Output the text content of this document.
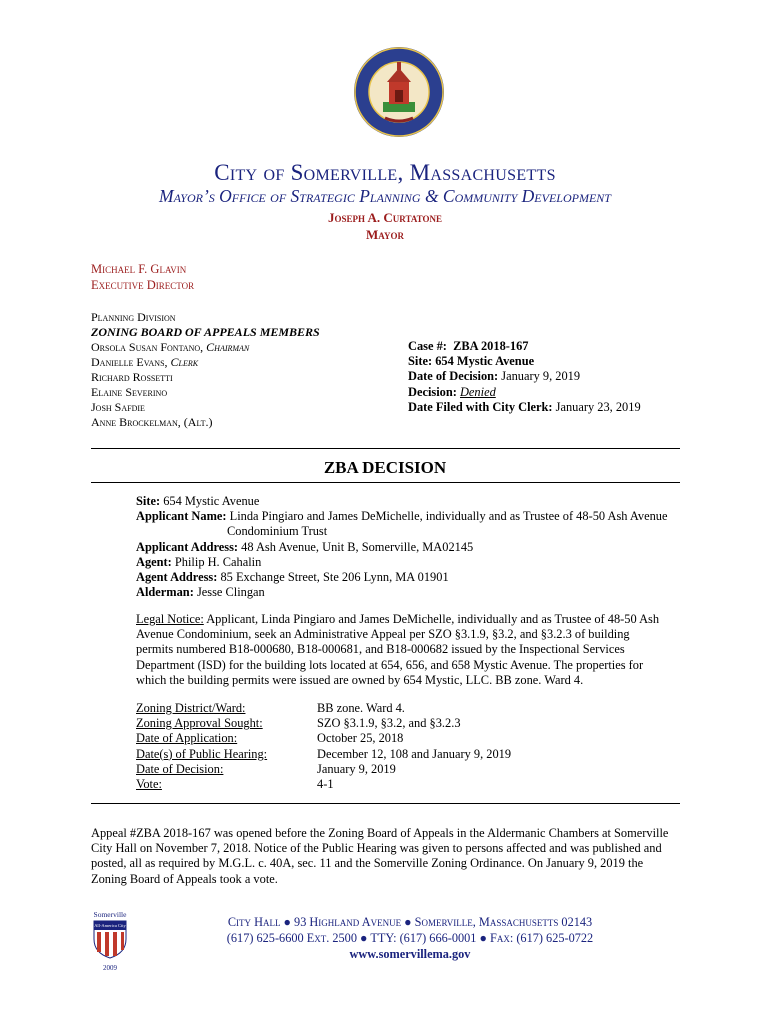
City of Somerville, Massachusetts
Mayor’s Office of Strategic Planning & Community Development
Joseph A. Curtatone
Mayor
Michael F. Glavin
Executive Director
Planning Division
ZONING BOARD OF APPEALS MEMBERS
Orsola Susan Fontano, Chairman
Danielle Evans, Clerk
Richard Rossetti
Elaine Severino
Josh Safdie
Anne Brockelman, (Alt.)
Case #: ZBA 2018-167
Site: 654 Mystic Avenue
Date of Decision: January 9, 2019
Decision: Denied
Date Filed with City Clerk: January 23, 2019
ZBA DECISION
Site: 654 Mystic Avenue
Applicant Name: Linda Pingiaro and James DeMichelle, individually and as Trustee of 48-50 Ash Avenue
Condominium Trust
Applicant Address: 48 Ash Avenue, Unit B, Somerville, MA02145
Agent: Philip H. Cahalin
Agent Address: 85 Exchange Street, Ste 206 Lynn, MA 01901
Alderman: Jesse Clingan
Legal Notice: Applicant, Linda Pingiaro and James DeMichelle, individually and as Trustee of 48-50 Ash
Avenue Condominium, seek an Administrative Appeal per SZO §3.1.9, §3.2, and §3.2.3 of building
permits numbered B18-000680, B18-000681, and B18-000682 issued by the Inspectional Services
Department (ISD) for the building lots located at 654, 656, and 658 Mystic Avenue. The properties for
which the building permits were issued are owned by 654 Mystic, LLC. BB zone. Ward 4.
Zoning District/Ward:	BB zone. Ward 4.
Zoning Approval Sought:	SZO §3.1.9, §3.2, and §3.2.3
Date of Application:	October 25, 2018
Date(s) of Public Hearing:	December 12, 108 and January 9, 2019
Date of Decision:	January 9, 2019
Vote:	4-1
Appeal #ZBA 2018-167 was opened before the Zoning Board of Appeals in the Aldermanic Chambers at Somerville
City Hall on November 7, 2018. Notice of the Public Hearing was given to persons affected and was published and
posted, all as required by M.G.L. c. 40A, sec. 11 and the Somerville Zoning Ordinance. On January 9, 2019 the
Zoning Board of Appeals took a vote.
Somerville
All-America City
2009
City Hall ● 93 Highland Avenue ● Somerville, Massachusetts 02143
(617) 625-6600 Ext. 2500 ● TTY: (617) 666-0001 ● Fax: (617) 625-0722
www.somervillema.gov
